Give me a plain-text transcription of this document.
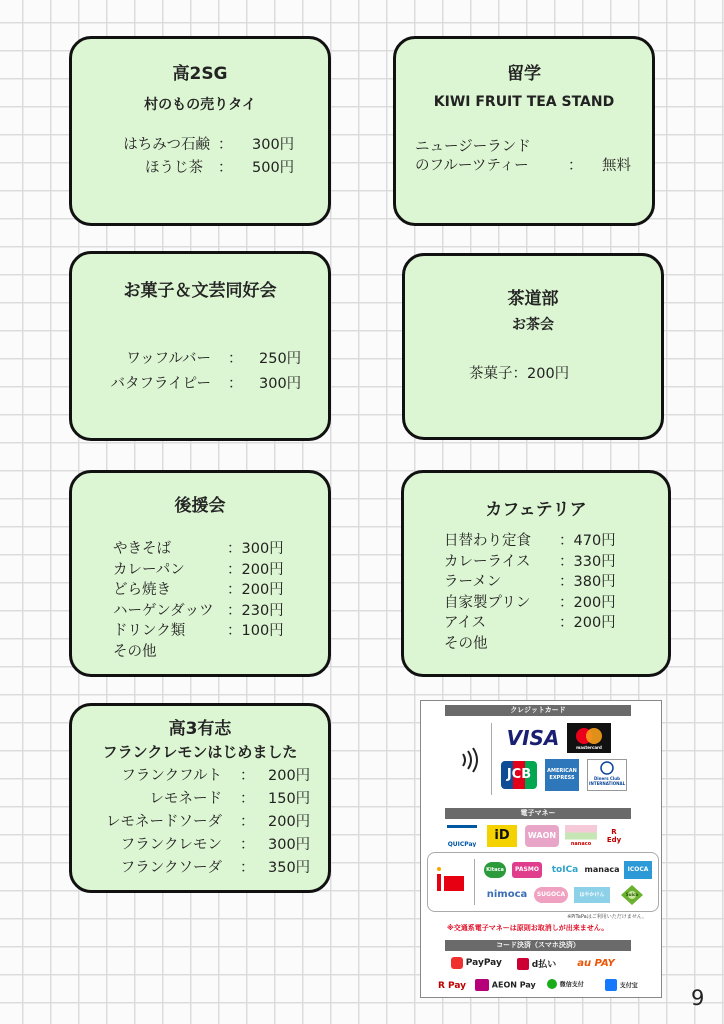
高2SG
村のもの売りタイ
はちみつ石鹸 ： 300円
ほうじ茶 ： 500円
留学
KIWI FRUIT TEA STAND
ニュージーランド
のフルーツティー	： 無料
お菓子＆文芸同好会
ワッフルバー ： 250円
バタフライピー ： 300円
茶道部
お茶会
茶菓子：200円
後援会
やきそば	：300円
カレーパン	：200円
どら焼き	：200円
ハーゲンダッツ ：230円
ドリンク類	：100円
その他
カフェテリア
日替わり定食 ：470円
カレーライス ：330円
ラーメン	：380円
自家製プリン ：200円
アイス	：200円
その他
高3有志
フランクレモンはじめました
フランクフルト ： 200円
レモネード ： 150円
レモネードソーダ ： 200円
フランクレモン ： 300円
フランクソーダ ： 350円
クレジットカード
VISA	mastercard
JCB	AMERICAN EXPRESS	Diners Club INTERNATIONAL
電子マネー
QUICPay
iD	WAON
nanaco
R Edy
Kitaca	PASMO	toICa manaca	ICOCA
nimoca	SUGOCA	はやかけん	Suica
※PiTaPaはご利用いただけません。
※交通系電子マネーは原則お取消しが出来ません。
コード決済（スマホ決済）
PayPay	d払い	au PAY
R Pay	AEON Pay	微信支付	支付宝	9
